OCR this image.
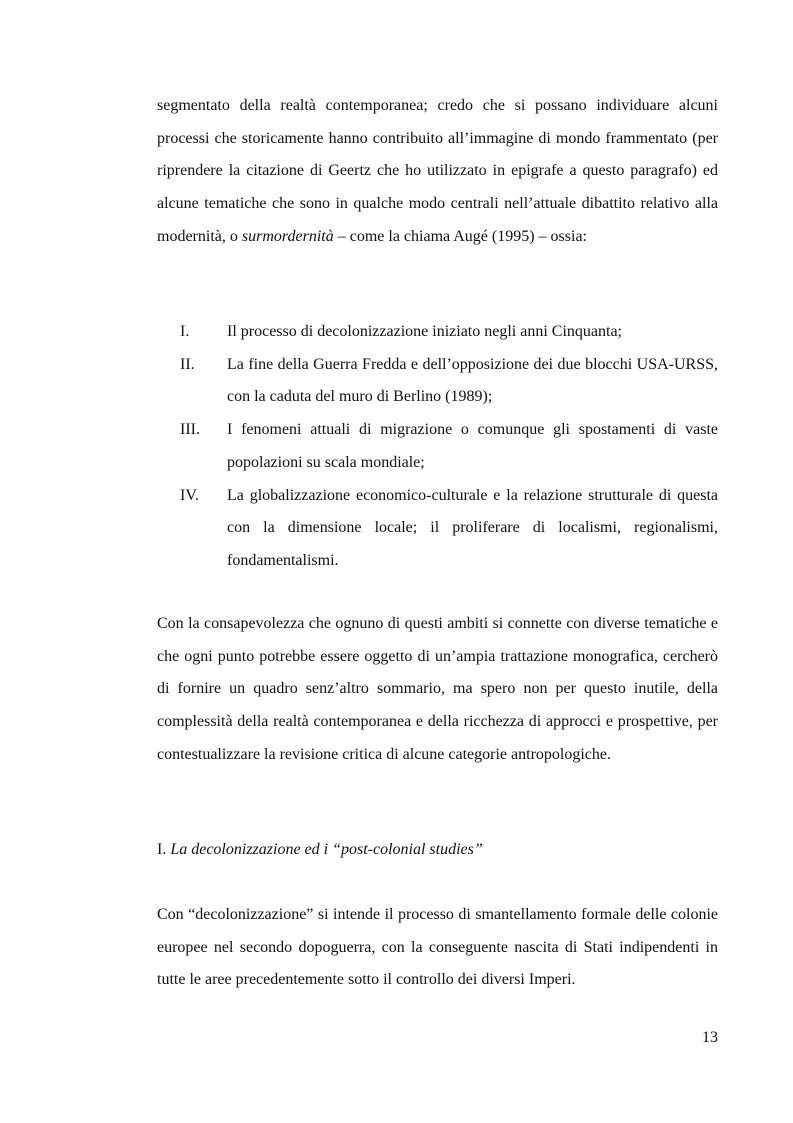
segmentato della realtà contemporanea; credo che si possano individuare alcuni processi che storicamente hanno contribuito all’immagine di mondo frammentato (per riprendere la citazione di Geertz che ho utilizzato in epigrafe a questo paragrafo) ed alcune tematiche che sono in qualche modo centrali nell’attuale dibattito relativo alla modernità, o surmordernità – come la chiama Augé (1995) – ossia:

I.	Il processo di decolonizzazione iniziato negli anni Cinquanta;
II.	La fine della Guerra Fredda e dell’opposizione dei due blocchi USA-URSS, con la caduta del muro di Berlino (1989);
III.	I fenomeni attuali di migrazione o comunque gli spostamenti di vaste popolazioni su scala mondiale;
IV.	La globalizzazione economico-culturale e la relazione strutturale di questa con la dimensione locale; il proliferare di localismi, regionalismi, fondamentalismi.

Con la consapevolezza che ognuno di questi ambiti si connette con diverse tematiche e che ogni punto potrebbe essere oggetto di un’ampia trattazione monografica, cercherò di fornire un quadro senz’altro sommario, ma spero non per questo inutile, della complessità della realtà contemporanea e della ricchezza di approcci e prospettive, per contestualizzare la revisione critica di alcune categorie antropologiche.

I. La decolonizzazione ed i “post-colonial studies”

Con “decolonizzazione” si intende il processo di smantellamento formale delle colonie europee nel secondo dopoguerra, con la conseguente nascita di Stati indipendenti in tutte le aree precedentemente sotto il controllo dei diversi Imperi.

13
